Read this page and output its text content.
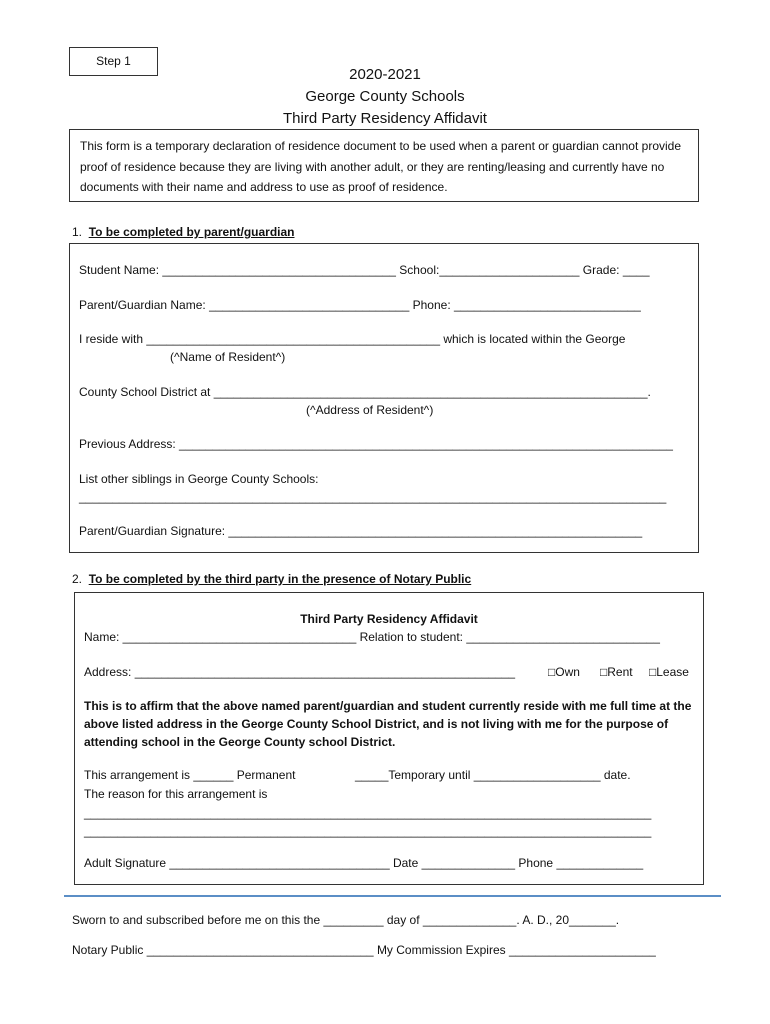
Step 1
2020-2021
George County Schools
Third Party Residency Affidavit
This form is a temporary declaration of residence document to be used when a parent or guardian cannot provide proof of residence because they are living with another adult, or they are renting/leasing and currently have no documents with their name and address to use as proof of residence.
1. To be completed by parent/guardian
Student Name: ___________________________________ School:_____________________ Grade: ____
Parent/Guardian Name: ______________________________ Phone: ____________________________
I reside with ____________________________________________ which is located within the George
(^Name of Resident^)
County School District at _________________________________________________________________.
(^Address of Resident^)
Previous Address: __________________________________________________________________________
List other siblings in George County Schools:
________________________________________________________________________________________
Parent/Guardian Signature: ______________________________________________________________
2. To be completed by the third party in the presence of Notary Public
Third Party Residency Affidavit
Name: ___________________________________ Relation to student: _____________________________
Address: _________________________________________________________	□Own □Rent □Lease
This is to affirm that the above named parent/guardian and student currently reside with me full time at the above listed address in the George County School District, and is not living with me for the purpose of attending school in the George County school District.
This arrangement is ______ Permanent	_____Temporary until ___________________ date.
The reason for this arrangement is
_____________________________________________________________________________________
_____________________________________________________________________________________
Adult Signature _________________________________ Date ______________ Phone _____________
Sworn to and subscribed before me on this the _________ day of ______________. A. D., 20_______.
Notary Public __________________________________ My Commission Expires ______________________
